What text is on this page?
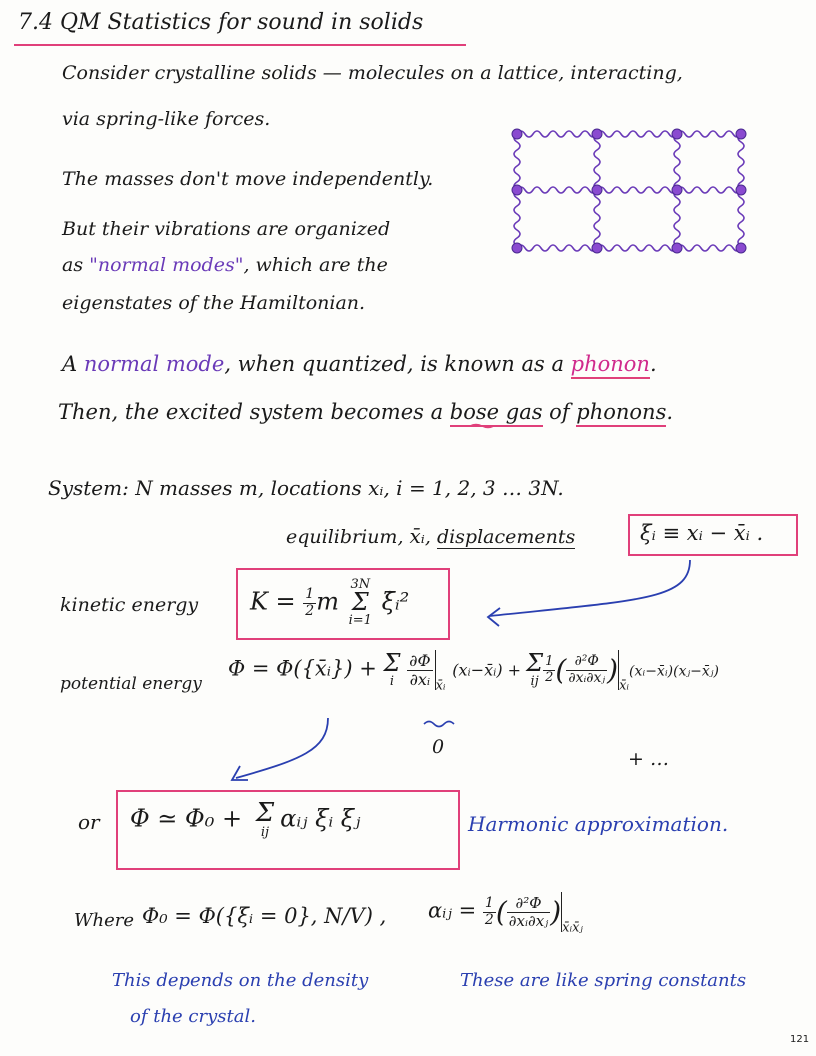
7.4 QM Statistics for sound in solids
Consider crystalline solids — molecules on a lattice, interacting,
via spring-like forces.
The masses don't move independently.
But their vibrations are organized
as "normal modes", which are the
eigenstates of the Hamiltonian.
A normal mode, when quantized, is known as a phonon.
Then, the excited system becomes a bose gas of phonons.
System: N masses m, locations xᵢ, i = 1, 2, 3 … 3N.
equilibrium, x̄ᵢ, displacements	ξᵢ ≡ xᵢ − x̄ᵢ .
kinetic energy $K = \frac{1}{2}$ m
3N
Σ
i=1
ξ̇ᵢ²
potential energy
Φ = Φ({x̄ᵢ}) + Σ
i
$\frac{\partial\Phi}{\text{∂xᵢ}} _{x̄ᵢ}$ (xᵢ−x̄ᵢ) + Σ
ij $\frac{1}{2}$ ( $\frac{\text{∂²Φ}}{\text{∂xᵢ∂xⱼ}}$ )$_{x̄ᵢ}(xᵢ-x̄ᵢ)(xⱼ-x̄ⱼ)$
0
+ …
or Φ ≃ Φ₀ + Σ
ij αᵢⱼ ξᵢ ξⱼ	Harmonic approximation.
Where Φ₀ = Φ({ξᵢ = 0}, N/V) , αᵢⱼ = $\frac{1}{2}$ ( $\frac{\text{∂²Φ}}{\text{∂xᵢ∂xⱼ}} )_{x̄ᵢx̄ⱼ}$
This depends on the density
of the crystal.
These are like spring constants
121
